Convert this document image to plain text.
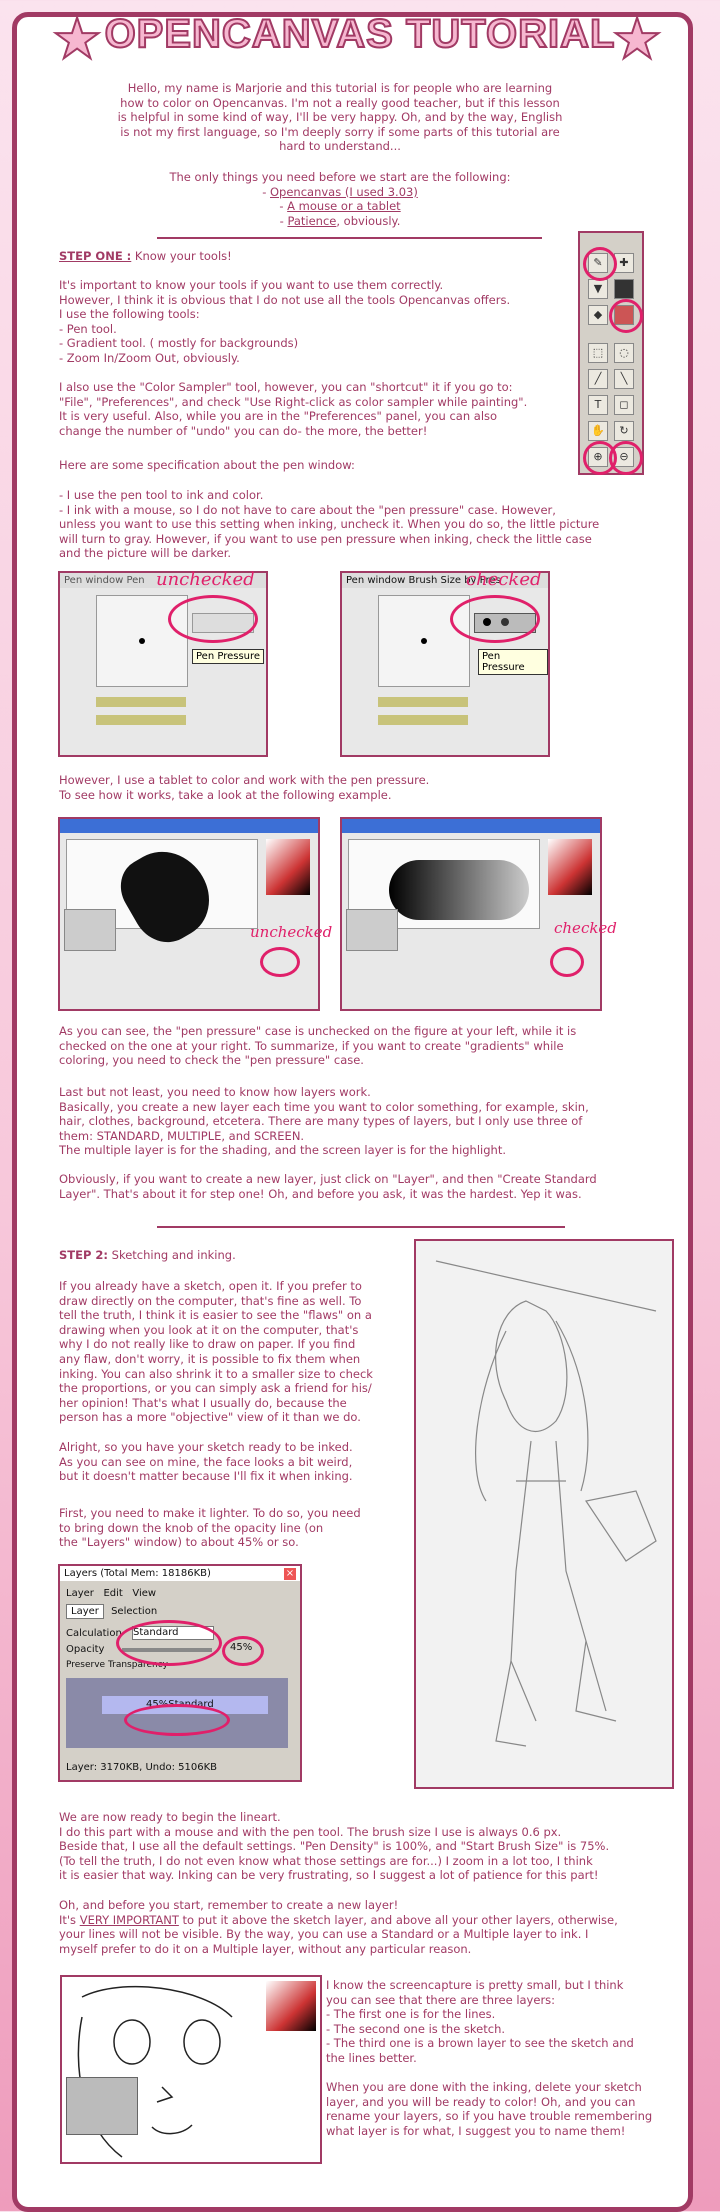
★ OPENCANVAS TUTORIAL
★

Hello, my name is Marjorie and this tutorial is for people who are learning

how to color on Opencanvas. I'm not a really good teacher, but if this lesson

is helpful in some kind of way, I'll be very happy. Oh, and by the way, English

is not my first language, so I'm deeply sorry if some parts of this tutorial are

hard to understand...

The only things you need before we start are the following:

- Opencanvas (I used 3.03)

- A mouse or a tablet

- Patience, obviously.

✎	✚
▼
◆
⬚	◌
╱	╲
T	◻
✋	↻
⊕	⊖
STEP ONE : Know your tools!

It's important to know your tools if you want to use them correctly.

However, I think it is obvious that I do not use all the tools Opencanvas offers.

I use the following tools:

- Pen tool.

- Gradient tool. ( mostly for backgrounds)

- Zoom In/Zoom Out, obviously.

I also use the "Color Sampler" tool, however, you can "shortcut" it if you go to:

"File", "Preferences", and check "Use Right-click as color sampler while painting".

It is very useful. Also, while you are in the "Preferences" panel, you can also

change the number of "undo" you can do- the more, the better!

Here are some specification about the pen window:

- I use the pen tool to ink and color.

- I ink with a mouse, so I do not have to care about the "pen pressure" case. However,

unless you want to use this setting when inking, uncheck it. When you do so, the little picture

will turn to gray. However, if you want to use pen pressure when inking, check the little case

and the picture will be darker.

Pen window Pen
Pen Pressure
unchecked	Pen window Brush Size by Pres
Pen Pressure
checked

However, I use a tablet to color and work with the pen pressure.

To see how it works, take a look at the following example.

unchecked	checked

As you can see, the "pen pressure" case is unchecked on the figure at your left, while it is

checked on the one at your right. To summarize, if you want to create "gradients" while

coloring, you need to check the "pen pressure" case.

Last but not least, you need to know how layers work.

Basically, you create a new layer each time you want to color something, for example, skin,

hair, clothes, background, etcetera. There are many types of layers, but I only use three of

them: STANDARD, MULTIPLE, and SCREEN.

The multiple layer is for the shading, and the screen layer is for the highlight.

Obviously, if you want to create a new layer, just click on "Layer", and then "Create Standard

Layer". That's about it for step one! Oh, and before you ask, it was the hardest. Yep it was.

STEP 2: Sketching and inking.

If you already have a sketch, open it. If you prefer to

draw directly on the computer, that's fine as well. To

tell the truth, I think it is easier to see the "flaws" on a

drawing when you look at it on the computer, that's

why I do not really like to draw on paper. If you find

any flaw, don't worry, it is possible to fix them when

inking. You can also shrink it to a smaller size to check

the proportions, or you can simply ask a friend for his/

her opinion! That's what I usually do, because the

person has a more "objective" view of it than we do.

Alright, so you have your sketch ready to be inked.

As you can see on mine, the face looks a bit weird,

but it doesn't matter because I'll fix it when inking.

First, you need to make it lighter. To do so, you need

to bring down the knob of the opacity line (on

the "Layers" window) to about 45% or so.

Layers (Total Mem: 18186KB)	×
Layer Edit View
Layer Selection
Calculation Standard
Opacity	45%
Preserve Transparency
45%Standard
Layer: 3170KB, Undo: 5106KB

We are now ready to begin the lineart.

I do this part with a mouse and with the pen tool. The brush size I use is always 0.6 px.

Beside that, I use all the default settings. "Pen Density" is 100%, and "Start Brush Size" is 75%.

(To tell the truth, I do not even know what those settings are for...) I zoom in a lot too, I think

it is easier that way. Inking can be very frustrating, so I suggest a lot of patience for this part!

Oh, and before you start, remember to create a new layer!

It's VERY IMPORTANT to put it above the sketch layer, and above all your other layers, otherwise,

your lines will not be visible. By the way, you can use a Standard or a Multiple layer to ink. I

myself prefer to do it on a Multiple layer, without any particular reason.

I know the screencapture is pretty small, but I think

you can see that there are three layers:

- The first one is for the lines.

- The second one is the sketch.

- The third one is a brown layer to see the sketch and

the lines better.

When you are done with the inking, delete your sketch

layer, and you will be ready to color! Oh, and you can

rename your layers, so if you have trouble remembering

what layer is for what, I suggest you to name them!
